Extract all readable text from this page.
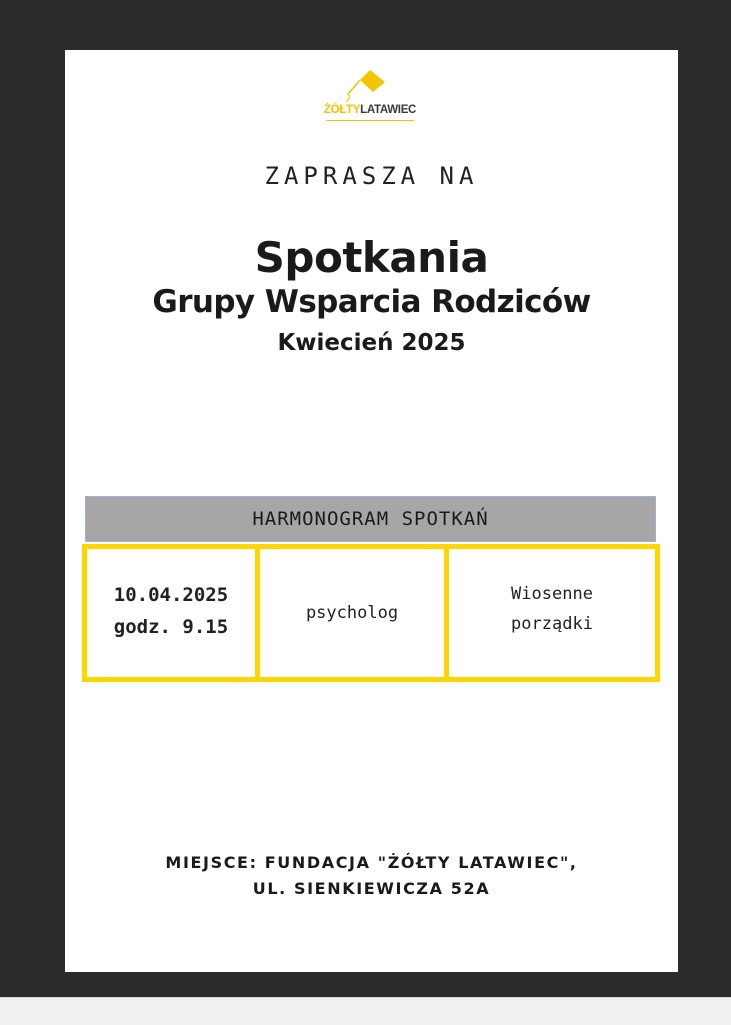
ŻÓŁTYLATAWIEC
ZAPRASZA NA
Spotkania
Grupy Wsparcia Rodziców
Kwiecień 2025
HARMONOGRAM SPOTKAŃ
10.04.2025
godz. 9.15
psycholog
Wiosenne
porządki
MIEJSCE: FUNDACJA "ŻÓŁTY LATAWIEC",
UL. SIENKIEWICZA 52A
